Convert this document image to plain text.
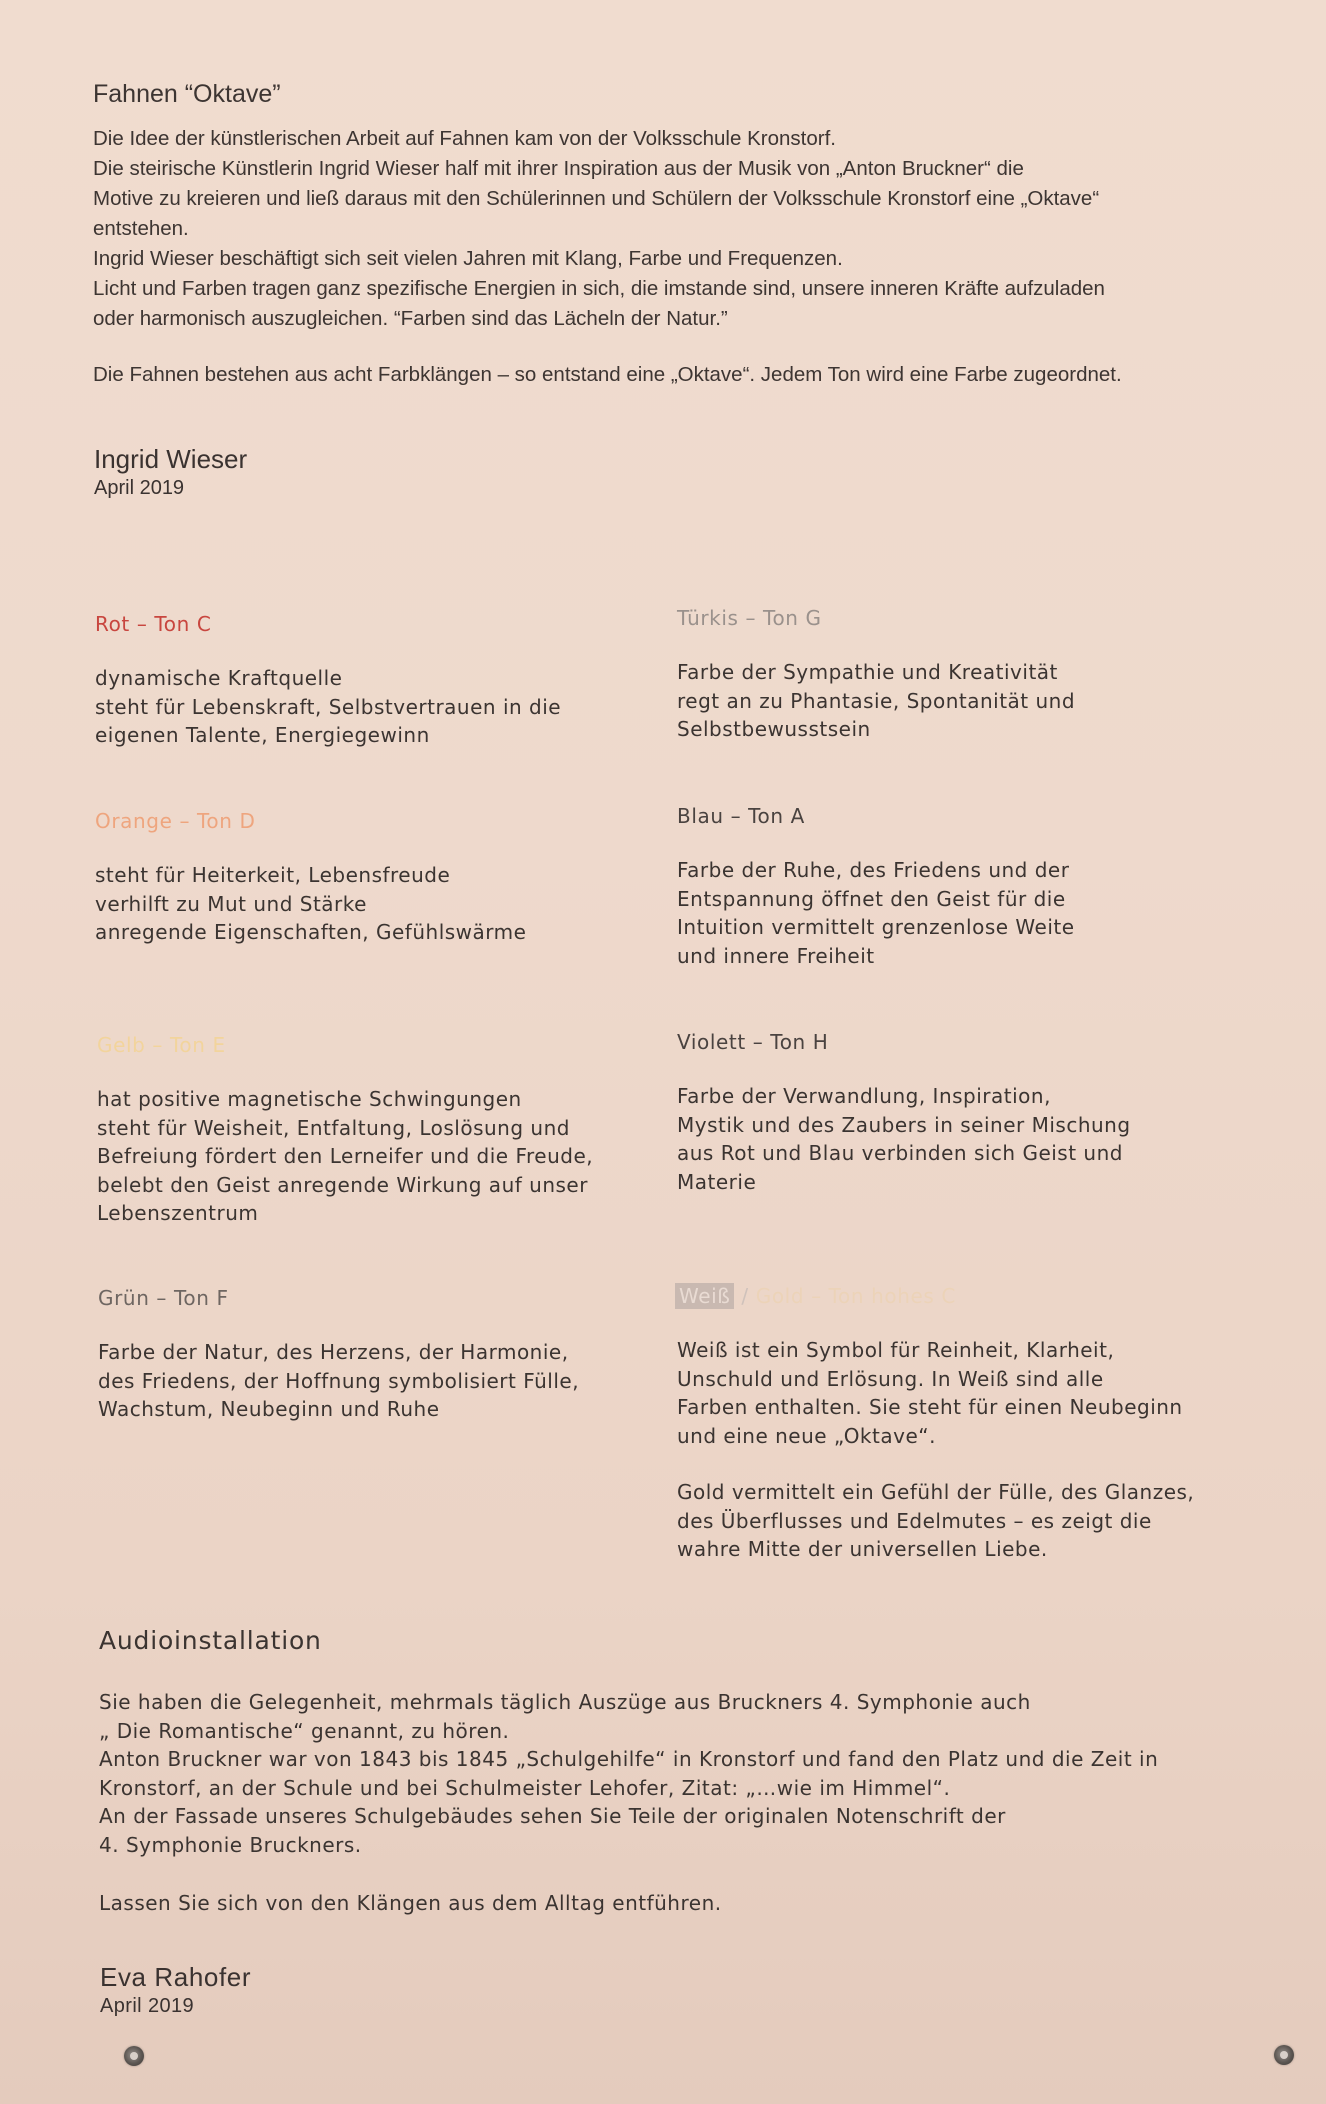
Fahnen “Oktave”

Die Idee der künstlerischen Arbeit auf Fahnen kam von der Volksschule Kronstorf.

Die steirische Künstlerin Ingrid Wieser half mit ihrer Inspiration aus der Musik von „Anton Bruckner“ die

Motive zu kreieren und ließ daraus mit den Schülerinnen und Schülern der Volksschule Kronstorf eine „Oktave“

entstehen.

Ingrid Wieser beschäftigt sich seit vielen Jahren mit Klang, Farbe und Frequenzen.

Licht und Farben tragen ganz spezifische Energien in sich, die imstande sind, unsere inneren Kräfte aufzuladen

oder harmonisch auszugleichen. “Farben sind das Lächeln der Natur.”

Die Fahnen bestehen aus acht Farbklängen – so entstand eine „Oktave“. Jedem Ton wird eine Farbe zugeordnet.

Ingrid Wieser
April 2019
Rot – Ton C
dynamische Kraftquelle
steht für Lebenskraft, Selbstvertrauen in die
eigenen Talente, Energiegewinn
Orange – Ton D
steht für Heiterkeit, Lebensfreude
verhilft zu Mut und Stärke
anregende Eigenschaften, Gefühlswärme
Gelb – Ton E
hat positive magnetische Schwingungen
steht für Weisheit, Entfaltung, Loslösung und
Befreiung fördert den Lerneifer und die Freude,
belebt den Geist anregende Wirkung auf unser
Lebenszentrum
Grün – Ton F
Farbe der Natur, des Herzens, der Harmonie,
des Friedens, der Hoffnung symbolisiert Fülle,
Wachstum, Neubeginn und Ruhe
Türkis – Ton G
Farbe der Sympathie und Kreativität
regt an zu Phantasie, Spontanität und
Selbstbewusstsein
Blau – Ton A
Farbe der Ruhe, des Friedens und der
Entspannung öffnet den Geist für die
Intuition vermittelt grenzenlose Weite
und innere Freiheit
Violett – Ton H
Farbe der Verwandlung, Inspiration,
Mystik und des Zaubers in seiner Mischung
aus Rot und Blau verbinden sich Geist und
Materie
Weiß / Gold – Ton hohes C
Weiß ist ein Symbol für Reinheit, Klarheit,
Unschuld und Erlösung. In Weiß sind alle
Farben enthalten. Sie steht für einen Neubeginn
und eine neue „Oktave“.
Gold vermittelt ein Gefühl der Fülle, des Glanzes,
des Überflusses und Edelmutes – es zeigt die
wahre Mitte der universellen Liebe.
Audioinstallation

Sie haben die Gelegenheit, mehrmals täglich Auszüge aus Bruckners 4. Symphonie auch

„ Die Romantische“ genannt, zu hören.

Anton Bruckner war von 1843 bis 1845 „Schulgehilfe“ in Kronstorf und fand den Platz und die Zeit in

Kronstorf, an der Schule und bei Schulmeister Lehofer, Zitat: „…wie im Himmel“.

An der Fassade unseres Schulgebäudes sehen Sie Teile der originalen Notenschrift der

4. Symphonie Bruckners.

Lassen Sie sich von den Klängen aus dem Alltag entführen.

Eva Rahofer
April 2019
